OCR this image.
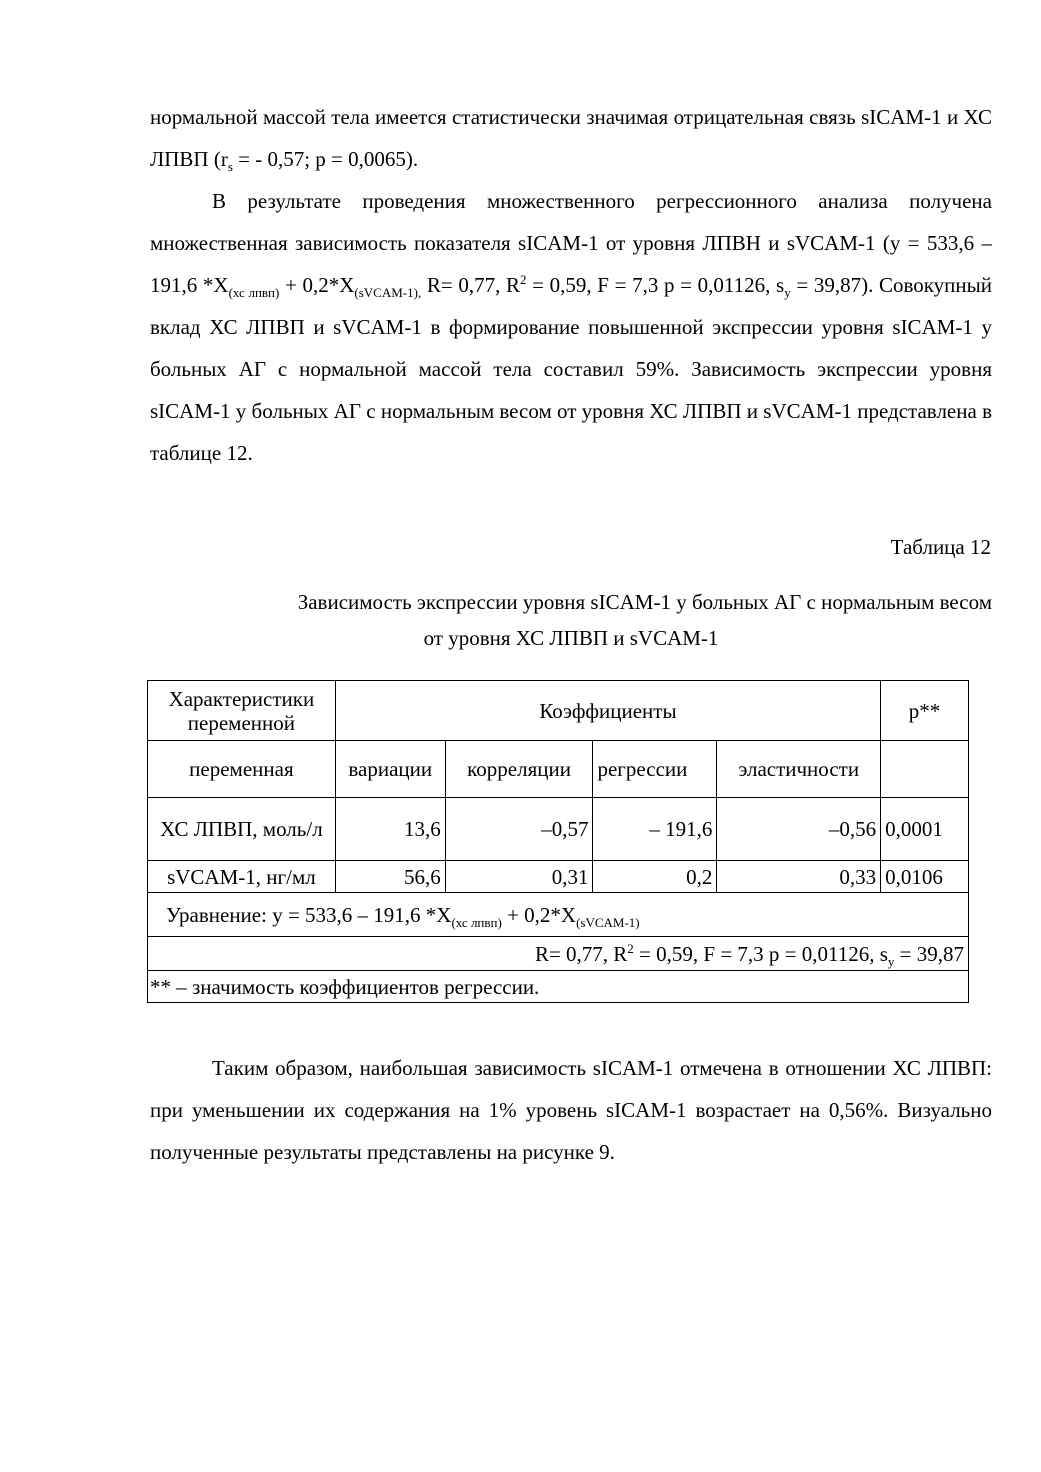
нормальной массой тела имеется статистически значимая отрицательная связь sICAM-1 и ХС ЛПВП ($r_s$ = - 0,57; р = 0,0065).

В результате проведения множественного регрессионного анализа получена множественная зависимость показателя sICAM-1 от уровня ЛПВН и sVCAM-1 (у = 533,6 – 191,6 $*Х_{(хс лпвп)} + 0,2*Х_{(sVCAM-1),}$ R= 0,77, $R^2 = 0,59$, F = 7,3 р = 0,01126, $s_y = 39,87$). Совокупный вклад ХС ЛПВП и sVCAM-1 в формирование повышенной экспрессии уровня sICAM-1 у больных АГ с нормальной массой тела составил 59%. Зависимость экспрессии уровня sICAM-1 у больных АГ с нормальным весом от уровня ХС ЛПВП и sVCAM-1 представлена в таблице 12.

Таблица 12
Зависимость экспрессии уровня sICAM-1 у больных АГ с нормальным весом
от уровня ХС ЛПВП и sVCAM-1
Характеристики переменной	Коэффициенты				р**
переменная	вариации	корреляции	регрессии	эластичности	
ХС ЛПВП, моль/л	13,6	–0,57	– 191,6	–0,56	0,0001
sVCAM-1, нг/мл	56,6	0,31	0,2	0,33	0,0106
Уравнение: у = 533,6 – 191,6 $*Х_{(хс лпвп)} + 0,2*Х_{(sVCAM-1)}$
R= 0,77, $R^2 = 0,59$, F = 7,3 р = 0,01126, $s_y = 39,87$					
** – значимость коэффициентов регрессии.					

Таким образом, наибольшая зависимость sICAM-1 отмечена в отношении ХС ЛПВП: при уменьшении их содержания на 1% уровень sICAM-1 возрастает на 0,56%. Визуально полученные результаты представлены на рисунке 9.
